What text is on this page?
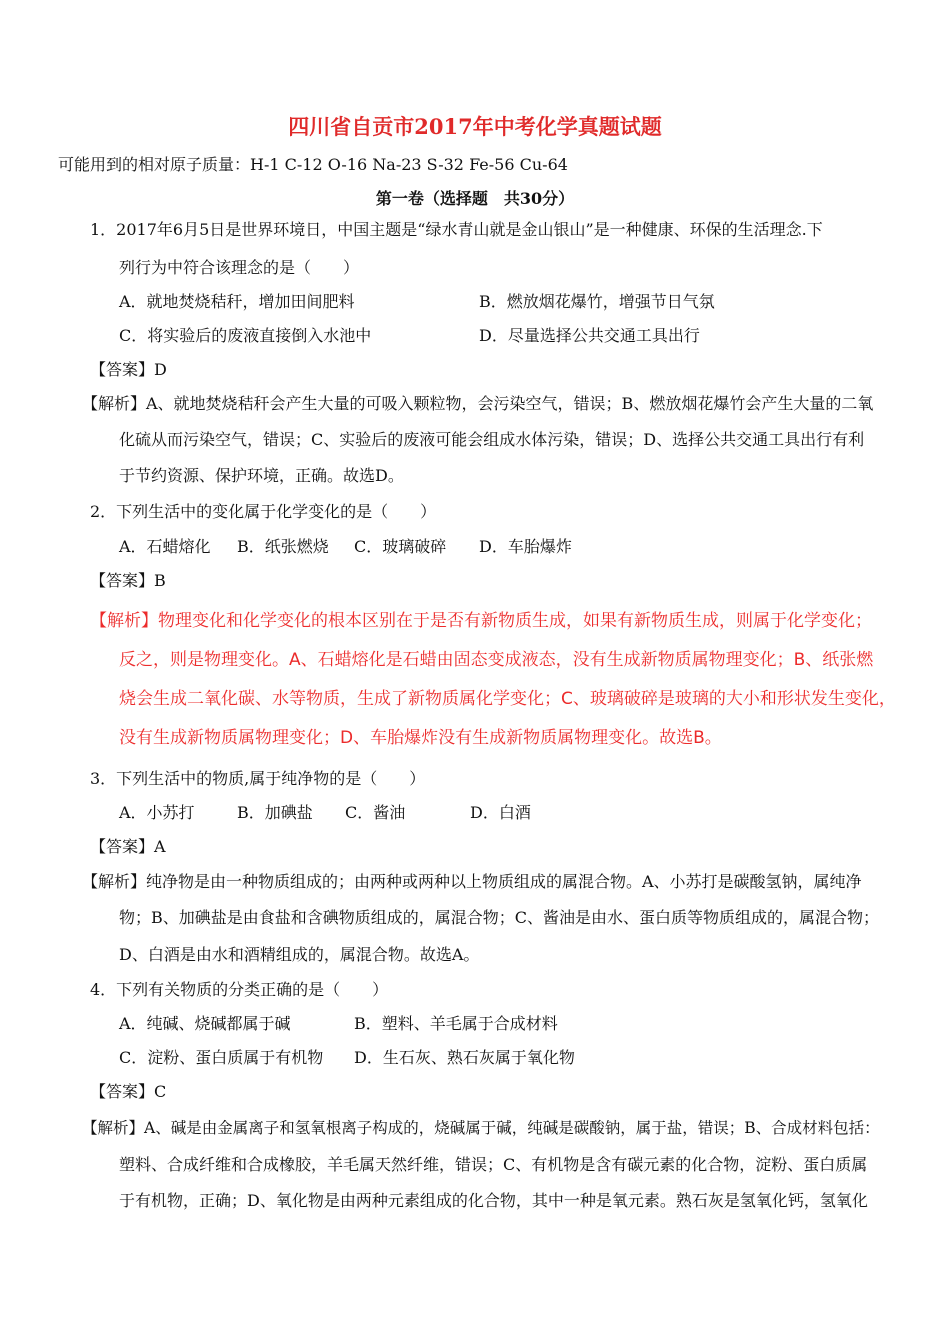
四川省自贡市2017年中考化学真题试题
可能用到的相对原子质量：H-1 C-12 O-16 Na-23 S-32 Fe-56 Cu-64
第一卷（选择题　共30分）
1．2017年6月5日是世界环境日，中国主题是“绿水青山就是金山银山”是一种健康、环保的生活理念.下
列行为中符合该理念的是（　　）
A．就地焚烧秸秆，增加田间肥料	B．燃放烟花爆竹，增强节日气氛
C．将实验后的废液直接倒入水池中	D．尽量选择公共交通工具出行
【答案】D
【解析】A、就地焚烧秸秆会产生大量的可吸入颗粒物，会污染空气，错误；B、燃放烟花爆竹会产生大量的二氧
化硫从而污染空气，错误；C、实验后的废液可能会组成水体污染，错误；D、选择公共交通工具出行有利
于节约资源、保护环境，正确。故选D。
2．下列生活中的变化属于化学变化的是（　　）
A．石蜡熔化 B．纸张燃烧 C．玻璃破碎 D．车胎爆炸
【答案】B
【解析】物理变化和化学变化的根本区别在于是否有新物质生成，如果有新物质生成，则属于化学变化；
反之，则是物理变化。A、石蜡熔化是石蜡由固态变成液态，没有生成新物质属物理变化；B、纸张燃
烧会生成二氧化碳、水等物质，生成了新物质属化学变化；C、玻璃破碎是玻璃的大小和形状发生变化，
没有生成新物质属物理变化；D、车胎爆炸没有生成新物质属物理变化。故选B。
3．下列生活中的物质,属于纯净物的是（　　）
A．小苏打	B．加碘盐 C．酱油	D．白酒
【答案】A
【解析】纯净物是由一种物质组成的；由两种或两种以上物质组成的属混合物。A、小苏打是碳酸氢钠，属纯净
物；B、加碘盐是由食盐和含碘物质组成的，属混合物；C、酱油是由水、蛋白质等物质组成的，属混合物；
D、白酒是由水和酒精组成的，属混合物。故选A。
4．下列有关物质的分类正确的是（　　）
A．纯碱、烧碱都属于碱	B．塑料、羊毛属于合成材料
C．淀粉、蛋白质属于有机物 D．生石灰、熟石灰属于氧化物
【答案】C
【解析】A、碱是由金属离子和氢氧根离子构成的，烧碱属于碱，纯碱是碳酸钠，属于盐，错误；B、合成材料包括：
塑料、合成纤维和合成橡胶，羊毛属天然纤维，错误；C、有机物是含有碳元素的化合物，淀粉、蛋白质属
于有机物，正确；D、氧化物是由两种元素组成的化合物，其中一种是氧元素。熟石灰是氢氧化钙，氢氧化
